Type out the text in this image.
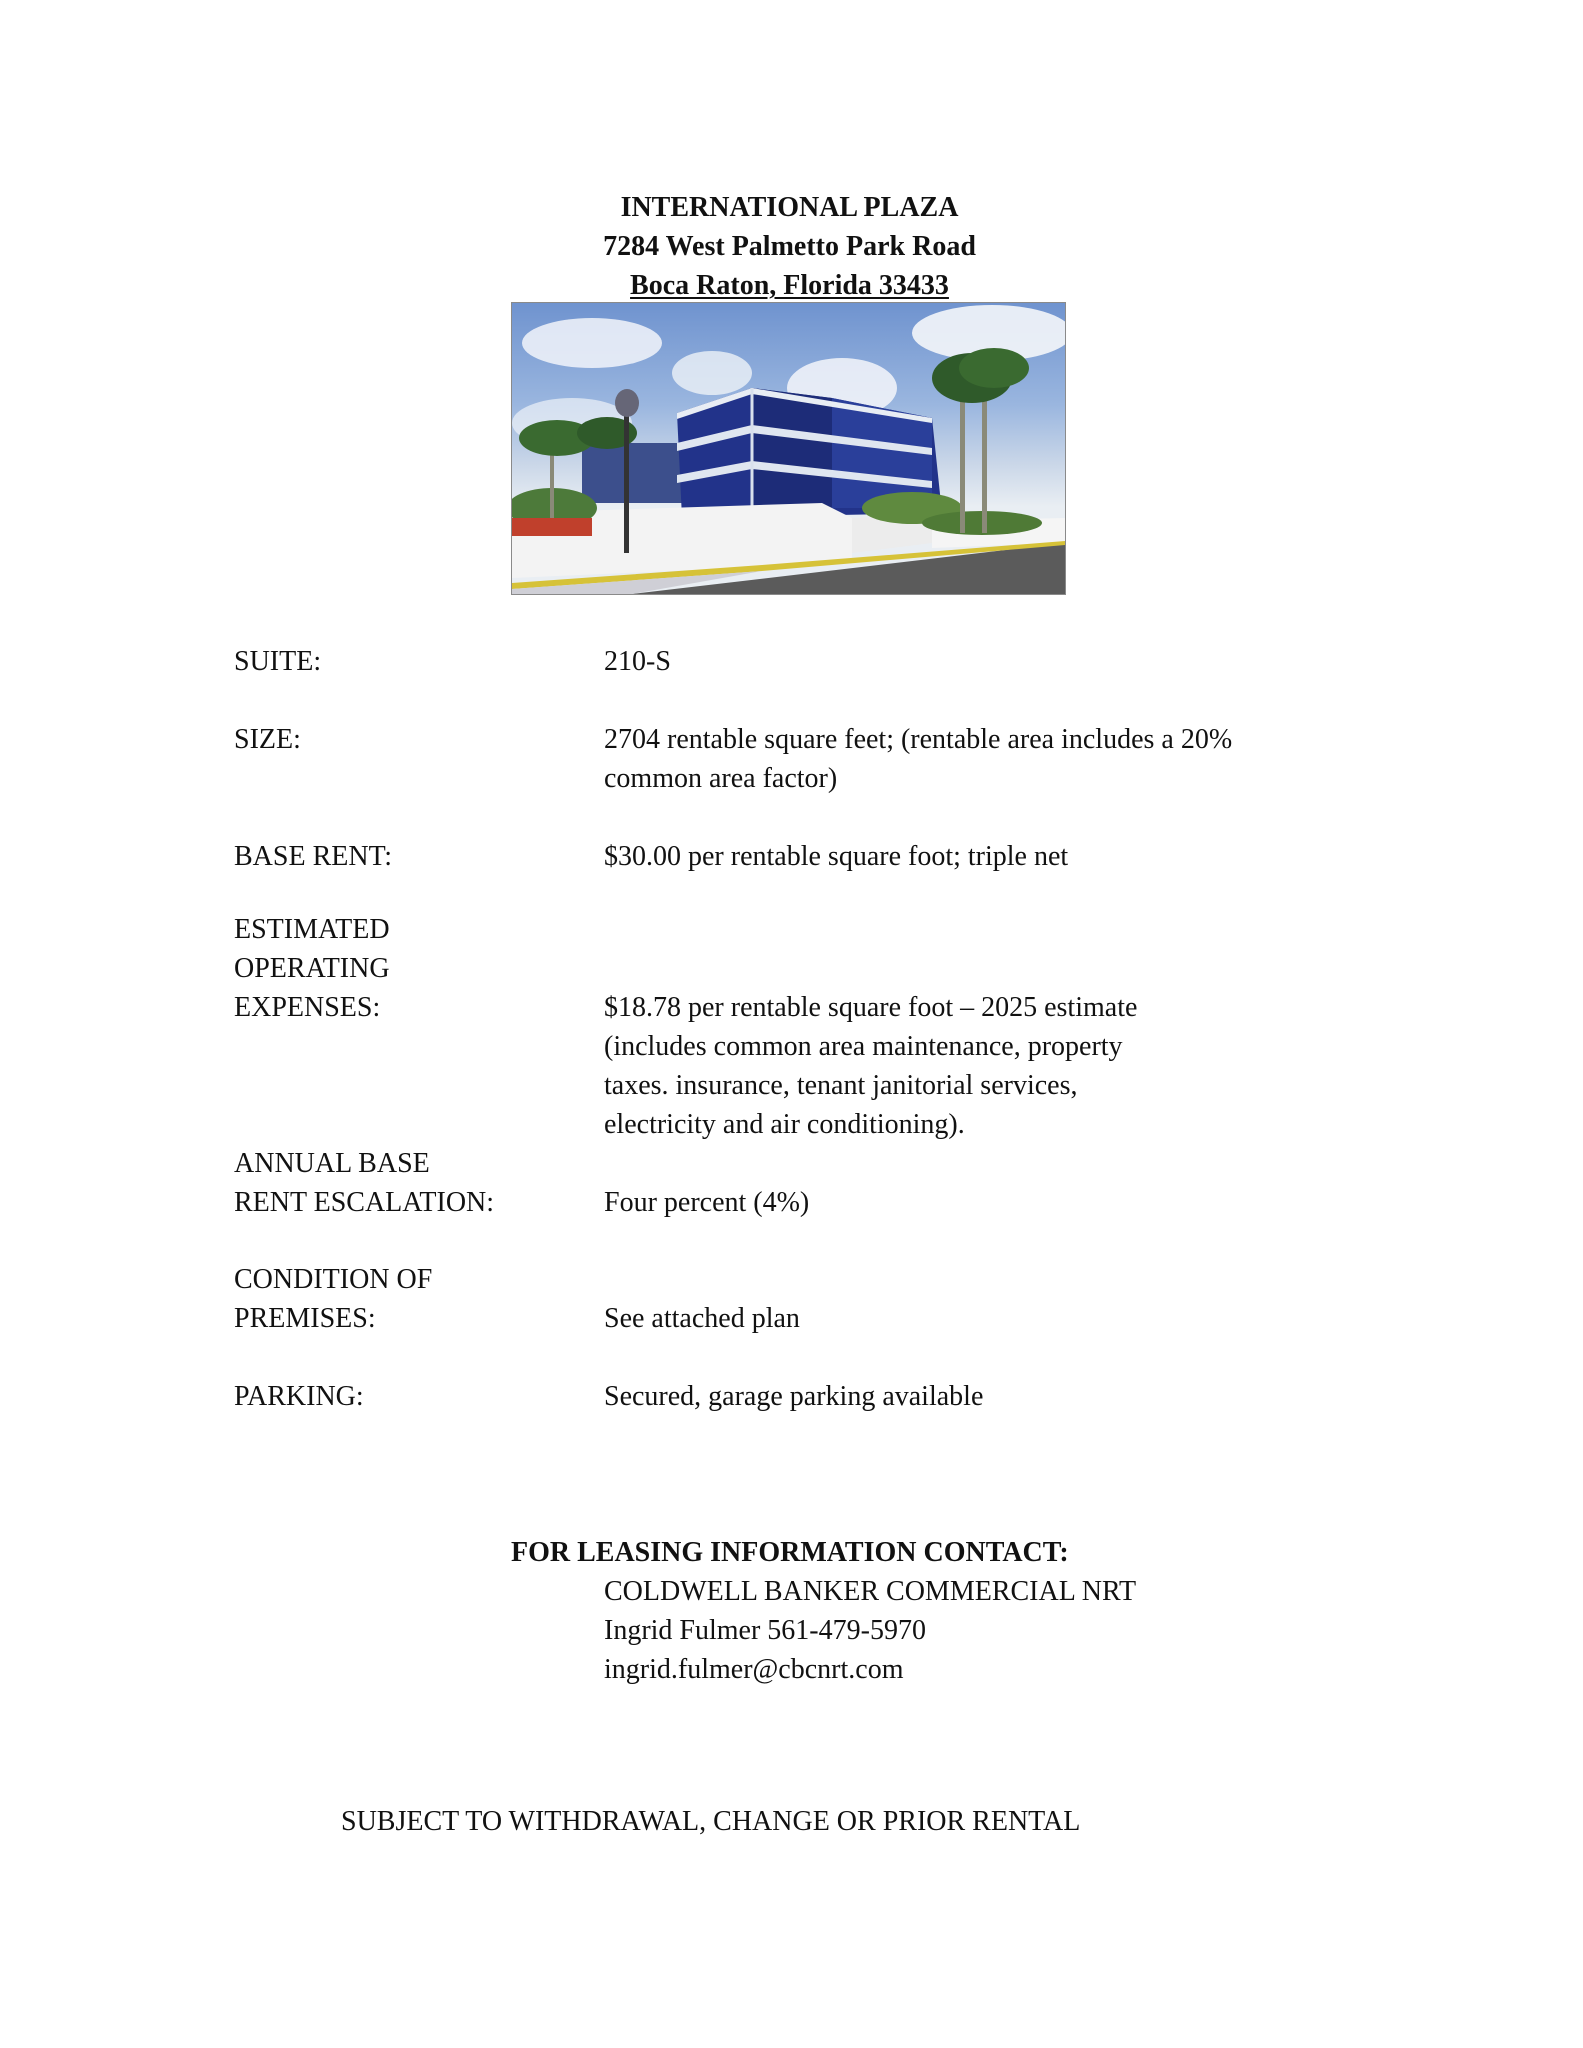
INTERNATIONAL PLAZA
7284 West Palmetto Park Road
Boca Raton, Florida 33433
SUITE:	210-S
SIZE:	2704 rentable square feet; (rentable area includes a 20%
common area factor)
BASE RENT:	$30.00 per rentable square foot; triple net
ESTIMATED
OPERATING
EXPENSES:	$18.78 per rentable square foot – 2025 estimate
(includes common area maintenance, property
taxes. insurance, tenant janitorial services,
electricity and air conditioning).
ANNUAL BASE
RENT ESCALATION:	Four percent (4%)
CONDITION OF
PREMISES:	See attached plan
PARKING:	Secured, garage parking available
FOR LEASING INFORMATION CONTACT:
COLDWELL BANKER COMMERCIAL NRT
Ingrid Fulmer 561-479-5970
ingrid.fulmer@cbcnrt.com
SUBJECT TO WITHDRAWAL, CHANGE OR PRIOR RENTAL
